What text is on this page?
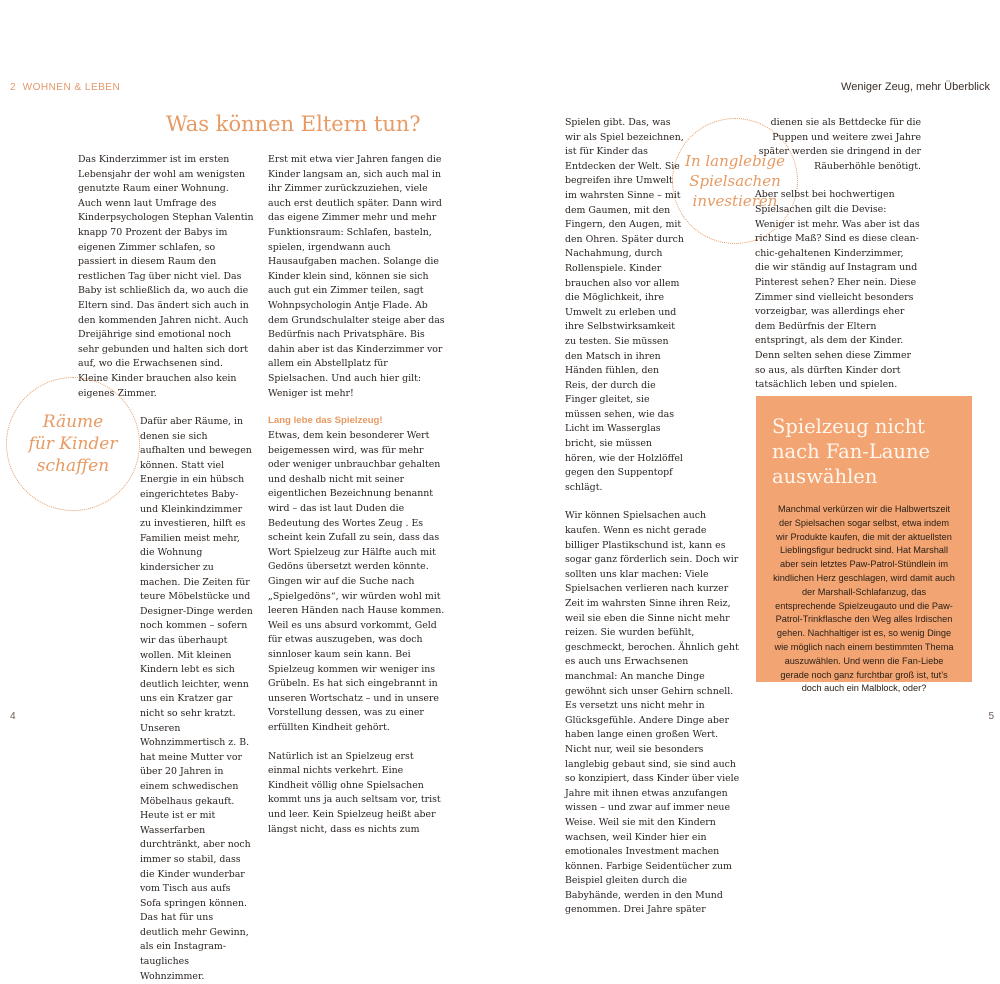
2 WOHNEN & LEBEN	Weniger Zeug, mehr Überblick
Was können Eltern tun?

Das Kinderzimmer ist im ersten Lebensjahr der wohl am wenigsten genutzte Raum einer Wohnung. Auch wenn laut Umfrage des Kinderpsychologen Stephan Valentin knapp 70 Prozent der Babys im eigenen Zimmer schlafen, so passiert in diesem Raum den restlichen Tag über nicht viel. Das Baby ist schließlich da, wo auch die Eltern sind. Das ändert sich auch in den kommenden Jahren nicht. Auch Dreijährige sind emotional noch sehr gebunden und halten sich dort auf, wo die Erwachsenen sind. Kleine Kinder brauchen also kein eigenes Zimmer.

Dafür aber Räume, in denen sie sich aufhalten und bewegen können. Statt viel Energie in ein hübsch eingerichtetes Baby- und Kleinkindzimmer zu investieren, hilft es Familien meist mehr, die Wohnung kindersicher zu machen. Die Zeiten für teure Möbelstücke und Designer-Dinge werden noch kommen – sofern wir das überhaupt wollen. Mit kleinen Kindern lebt es sich deutlich leichter, wenn uns ein Kratzer gar nicht so sehr kratzt. Unseren Wohnzimmertisch z. B. hat meine Mutter vor über 20 Jahren in einem schwedischen Möbelhaus gekauft. Heute ist er mit Wasserfarben durchtränkt, aber noch immer so stabil, dass die Kinder wunderbar vom Tisch aus aufs Sofa springen können. Das hat für uns deutlich mehr Gewinn, als ein Instagram-taugliches Wohnzimmer.

Räume
für Kinder
schaffen

Erst mit etwa vier Jahren fangen die Kinder langsam an, sich auch mal in ihr Zimmer zurückzuziehen, viele auch erst deutlich später. Dann wird das eigene Zimmer mehr und mehr Funktionsraum: Schlafen, basteln, spielen, irgendwann auch Hausaufgaben machen. Solange die Kinder klein sind, können sie sich auch gut ein Zimmer teilen, sagt Wohnpsychologin Antje Flade. Ab dem Grundschulalter steige aber das Bedürfnis nach Privatsphäre. Bis dahin aber ist das Kinderzimmer vor allem ein Abstellplatz für Spielsachen. Und auch hier gilt: Weniger ist mehr!

Lang lebe das Spielzeug!

Etwas, dem kein besonderer Wert beigemessen wird, was für mehr oder weniger unbrauchbar gehalten und deshalb nicht mit seiner eigentlichen Bezeichnung benannt wird – das ist laut Duden die Bedeutung des Wortes Zeug . Es scheint kein Zufall zu sein, dass das Wort Spielzeug zur Hälfte auch mit Gedöns übersetzt werden könnte. Gingen wir auf die Suche nach „Spielgedöns“, wir würden wohl mit leeren Händen nach Hause kommen. Weil es uns absurd vorkommt, Geld für etwas auszugeben, was doch sinnloser kaum sein kann. Bei Spielzeug kommen wir weniger ins Grübeln. Es hat sich eingebrannt in unseren Wortschatz – und in unsere Vorstellung dessen, was zu einer erfüllten Kindheit gehört.

Natürlich ist an Spielzeug erst einmal nichts verkehrt. Eine Kindheit völlig ohne Spielsachen kommt uns ja auch seltsam vor, trist und leer. Kein Spielzeug heißt aber längst nicht, dass es nichts zum

Spielen gibt. Das, was wir als Spiel bezeichnen, ist für Kinder das Entdecken der Welt. Sie begreifen ihre Umwelt im wahrsten Sinne – mit dem Gaumen, mit den Fingern, den Augen, mit den Ohren. Später durch Nachahmung, durch Rollenspiele. Kinder brauchen also vor allem die Möglichkeit, ihre Umwelt zu erleben und ihre Selbstwirksamkeit zu testen. Sie müssen den Matsch in ihren Händen fühlen, den Reis, der durch die Finger gleitet, sie müssen sehen, wie das Licht im Wasserglas bricht, sie müssen hören, wie der Holzlöffel gegen den Suppentopf schlägt.

Wir können Spielsachen auch kaufen. Wenn es nicht gerade billiger Plastikschund ist, kann es sogar ganz förderlich sein. Doch wir sollten uns klar machen: Viele Spielsachen verlieren nach kurzer Zeit im wahrsten Sinne ihren Reiz, weil sie eben die Sinne nicht mehr reizen. Sie wurden befühlt, geschmeckt, berochen. Ähnlich geht es auch uns Erwachsenen manchmal: An manche Dinge gewöhnt sich unser Gehirn schnell. Es versetzt uns nicht mehr in Glücksgefühle. Andere Dinge aber haben lange einen großen Wert. Nicht nur, weil sie besonders langlebig gebaut sind, sie sind auch so konzipiert, dass Kinder über viele Jahre mit ihnen etwas anzufangen wissen – und zwar auf immer neue Weise. Weil sie mit den Kindern wachsen, weil Kinder hier ein emotionales Investment machen können. Farbige Seidentücher zum Beispiel gleiten durch die Babyhände, werden in den Mund genommen. Drei Jahre später

In langlebige
Spielsachen
investieren

dienen sie als Bettdecke für die Puppen und weitere zwei Jahre später werden sie dringend in der Räuberhöhle benötigt.

Aber selbst bei hochwertigen Spielsachen gilt die Devise: Weniger ist mehr. Was aber ist das richtige Maß? Sind es diese clean-chic-gehaltenen Kinderzimmer, die wir ständig auf Instagram und Pinterest sehen? Eher nein. Diese Zimmer sind vielleicht besonders vorzeigbar, was allerdings eher dem Bedürfnis der Eltern entspringt, als dem der Kinder. Denn selten sehen diese Zimmer so aus, als dürften Kinder dort tatsächlich leben und spielen.

Spielzeug nicht nach Fan-Laune auswählen

Manchmal verkürzen wir die Halbwertszeit der Spielsachen sogar selbst, etwa indem wir Produkte kaufen, die mit der aktuellsten Lieblingsfigur bedruckt sind. Hat Marshall aber sein letztes Paw-Patrol-Stündlein im kindlichen Herz geschlagen, wird damit auch der Marshall-Schlafanzug, das entsprechende Spielzeugauto und die Paw-Patrol-Trinkflasche den Weg alles Irdischen gehen. Nachhaltiger ist es, so wenig Dinge wie möglich nach einem bestimmten Thema auszuwählen. Und wenn die Fan-Liebe gerade noch ganz furchtbar groß ist, tut’s doch auch ein Malblock, oder?

4	5
